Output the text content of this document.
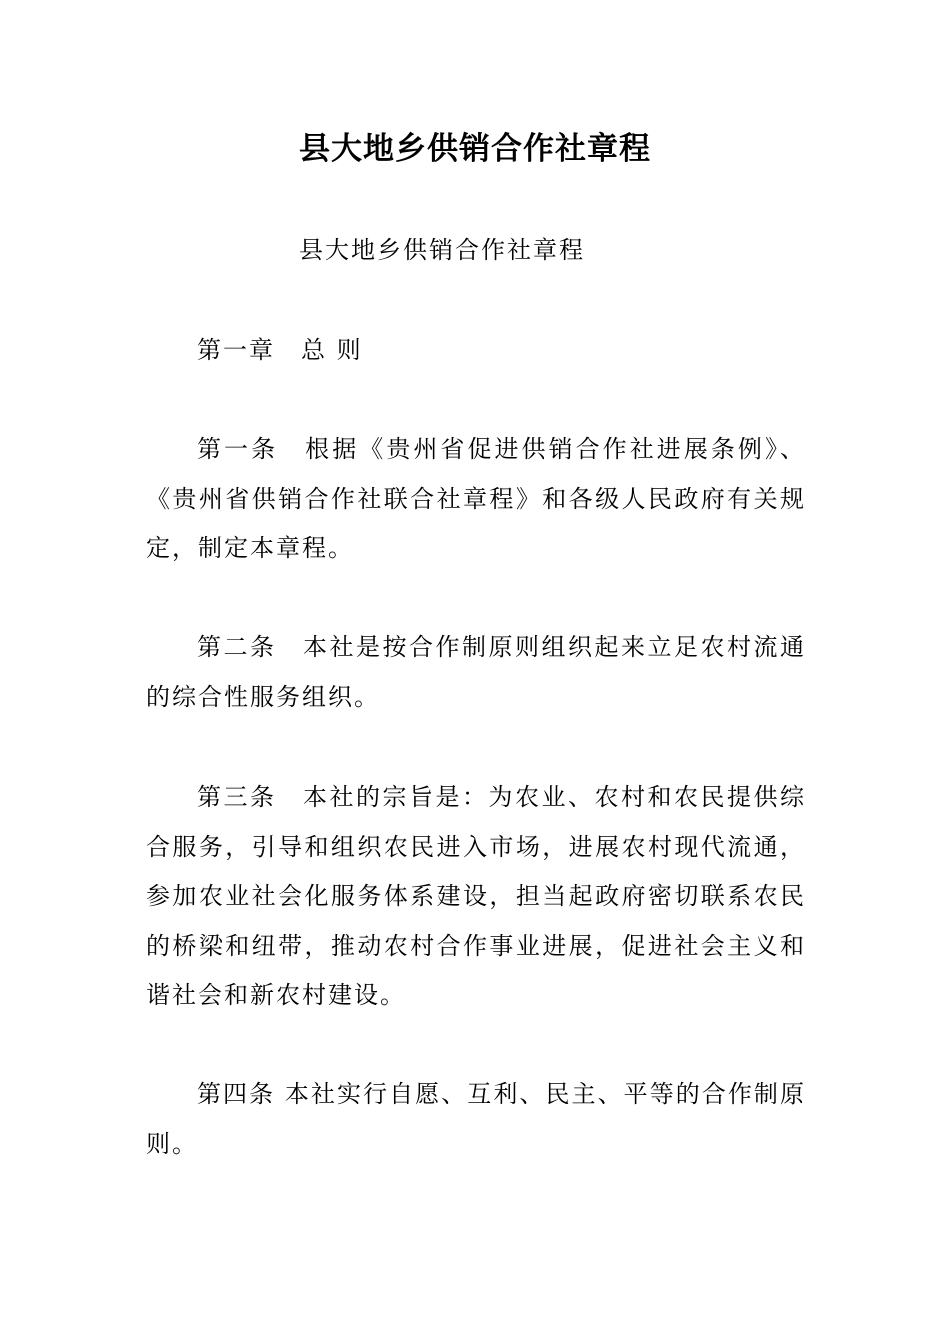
县大地乡供销合作社章程
县大地乡供销合作社章程
第一章　总 则

第一条　根据《贵州省促进供销合作社进展条例》、《贵州省供销合作社联合社章程》和各级人民政府有关规定，制定本章程。

第二条　本社是按合作制原则组织起来立足农村流通的综合性服务组织。

第三条　本社的宗旨是：为农业、农村和农民提供综合服务，引导和组织农民进入市场，进展农村现代流通，参加农业社会化服务体系建设，担当起政府密切联系农民的桥梁和纽带，推动农村合作事业进展，促进社会主义和谐社会和新农村建设。

第四条 本社实行自愿、互利、民主、平等的合作制原则。
